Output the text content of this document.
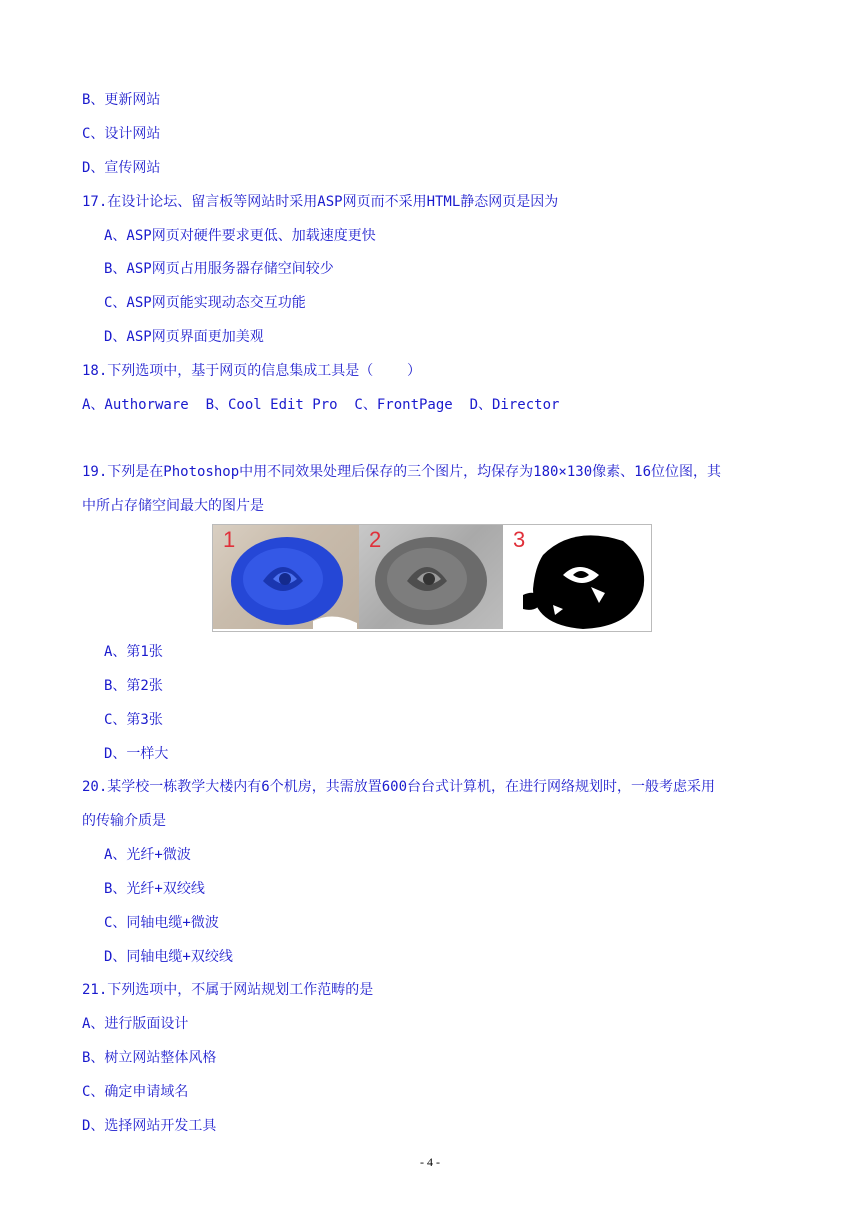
B、更新网站
C、设计网站
D、宣传网站
17.在设计论坛、留言板等网站时采用ASP网页而不采用HTML静态网页是因为
A、ASP网页对硬件要求更低、加载速度更快
B、ASP网页占用服务器存储空间较少
C、ASP网页能实现动态交互功能
D、ASP网页界面更加美观
18.下列选项中，基于网页的信息集成工具是（    ）
A、Authorware  B、Cool Edit Pro  C、FrontPage  D、Director
19.下列是在Photoshop中用不同效果处理后保存的三个图片，均保存为180×130像素、16位位图，其
中所占存储空间最大的图片是
1	2	3
A、第1张
B、第2张
C、第3张
D、一样大
20.某学校一栋教学大楼内有6个机房，共需放置600台台式计算机，在进行网络规划时，一般考虑采用
的传输介质是
A、光纤+微波
B、光纤+双绞线
C、同轴电缆+微波
D、同轴电缆+双绞线
21.下列选项中，不属于网站规划工作范畴的是
A、进行版面设计
B、树立网站整体风格
C、确定申请域名
D、选择网站开发工具
- 4 -
